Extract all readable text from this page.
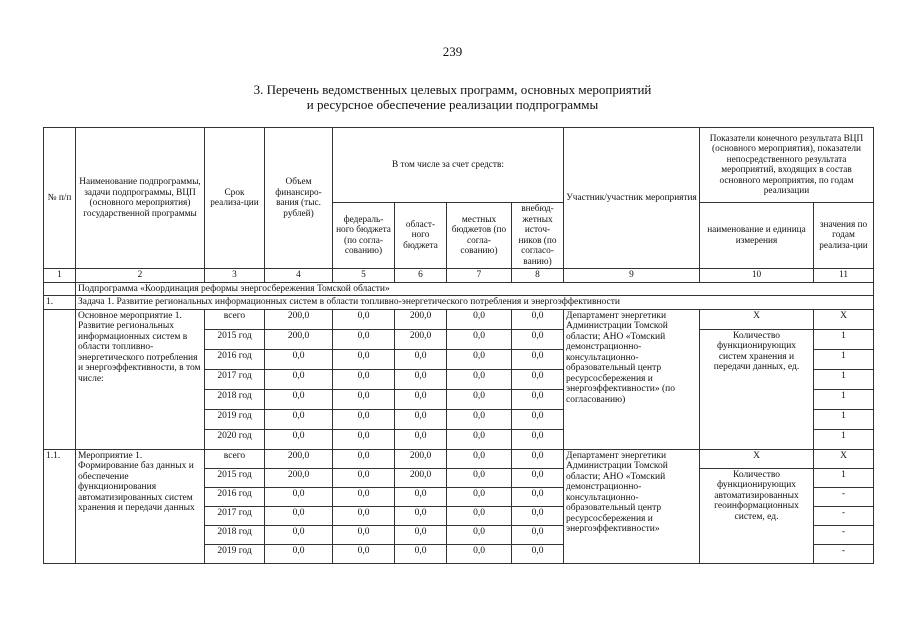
239
3. Перечень ведомственных целевых программ, основных мероприятий
и ресурсное обеспечение реализации подпрограммы
№ п/п	Наименование подпрограммы, задачи подпрограммы, ВЦП (основного мероприятия) государственной программы	Срок реализа-ции	Объем финансиро-вания (тыс. рублей)	В том числе за счет средств:				Участник/участник мероприятия	Показатели конечного результата ВЦП (основного мероприятия), показатели непосредственного результата мероприятий, входящих в состав основного мероприятия, по годам реализации	
				федераль-ного бюджета (по согла-сованию)	област-ного бюджета	местных бюджетов (по согла-сованию)	внебюд-жетных источ-ников (по согласо-ванию)		наименование и единица измерения	значения по годам реализа-ции
1	2	3	4	5	6	7	8	9	10	11
	Подпрограмма «Координация реформы энергосбережения Томской области»									
1.	Задача 1. Развитие региональных информационных систем в области топливно-энергетического потребления и энергоэффективности									
	Основное мероприятие 1. Развитие региональных информационных систем в области топливно-энергетического потребления и энергоэффективности, в том числе:	всего	200,0	0,0	200,0	0,0	0,0	Департамент энергетики Администрации Томской области; АНО «Томский демонстрационно-консультационно-образовательный центр ресурсосбережения и энергоэффективности» (по согласованию)	X	X
		2015 год	200,0	0,0	200,0	0,0	0,0		Количество функционирующих систем хранения и передачи данных, ед.	1
		2016 год	0,0	0,0	0,0	0,0	0,0			1
		2017 год	0,0	0,0	0,0	0,0	0,0			1
		2018 год	0,0	0,0	0,0	0,0	0,0			1
		2019 год	0,0	0,0	0,0	0,0	0,0			1
		2020 год	0,0	0,0	0,0	0,0	0,0			1
1.1.	Мероприятие 1. Формирование баз данных и обеспечение функционирования автоматизированных систем хранения и передачи данных	всего	200,0	0,0	200,0	0,0	0,0	Департамент энергетики Администрации Томской области; АНО «Томский демонстрационно-консультационно-образовательный центр ресурсосбережения и энергоэффективности»	X	X
		2015 год	200,0	0,0	200,0	0,0	0,0		Количество функционирующих автоматизированных геоинформационных систем, ед.	1
		2016 год	0,0	0,0	0,0	0,0	0,0			-
		2017 год	0,0	0,0	0,0	0,0	0,0			-
		2018 год	0,0	0,0	0,0	0,0	0,0			-
		2019 год	0,0	0,0	0,0	0,0	0,0			-
